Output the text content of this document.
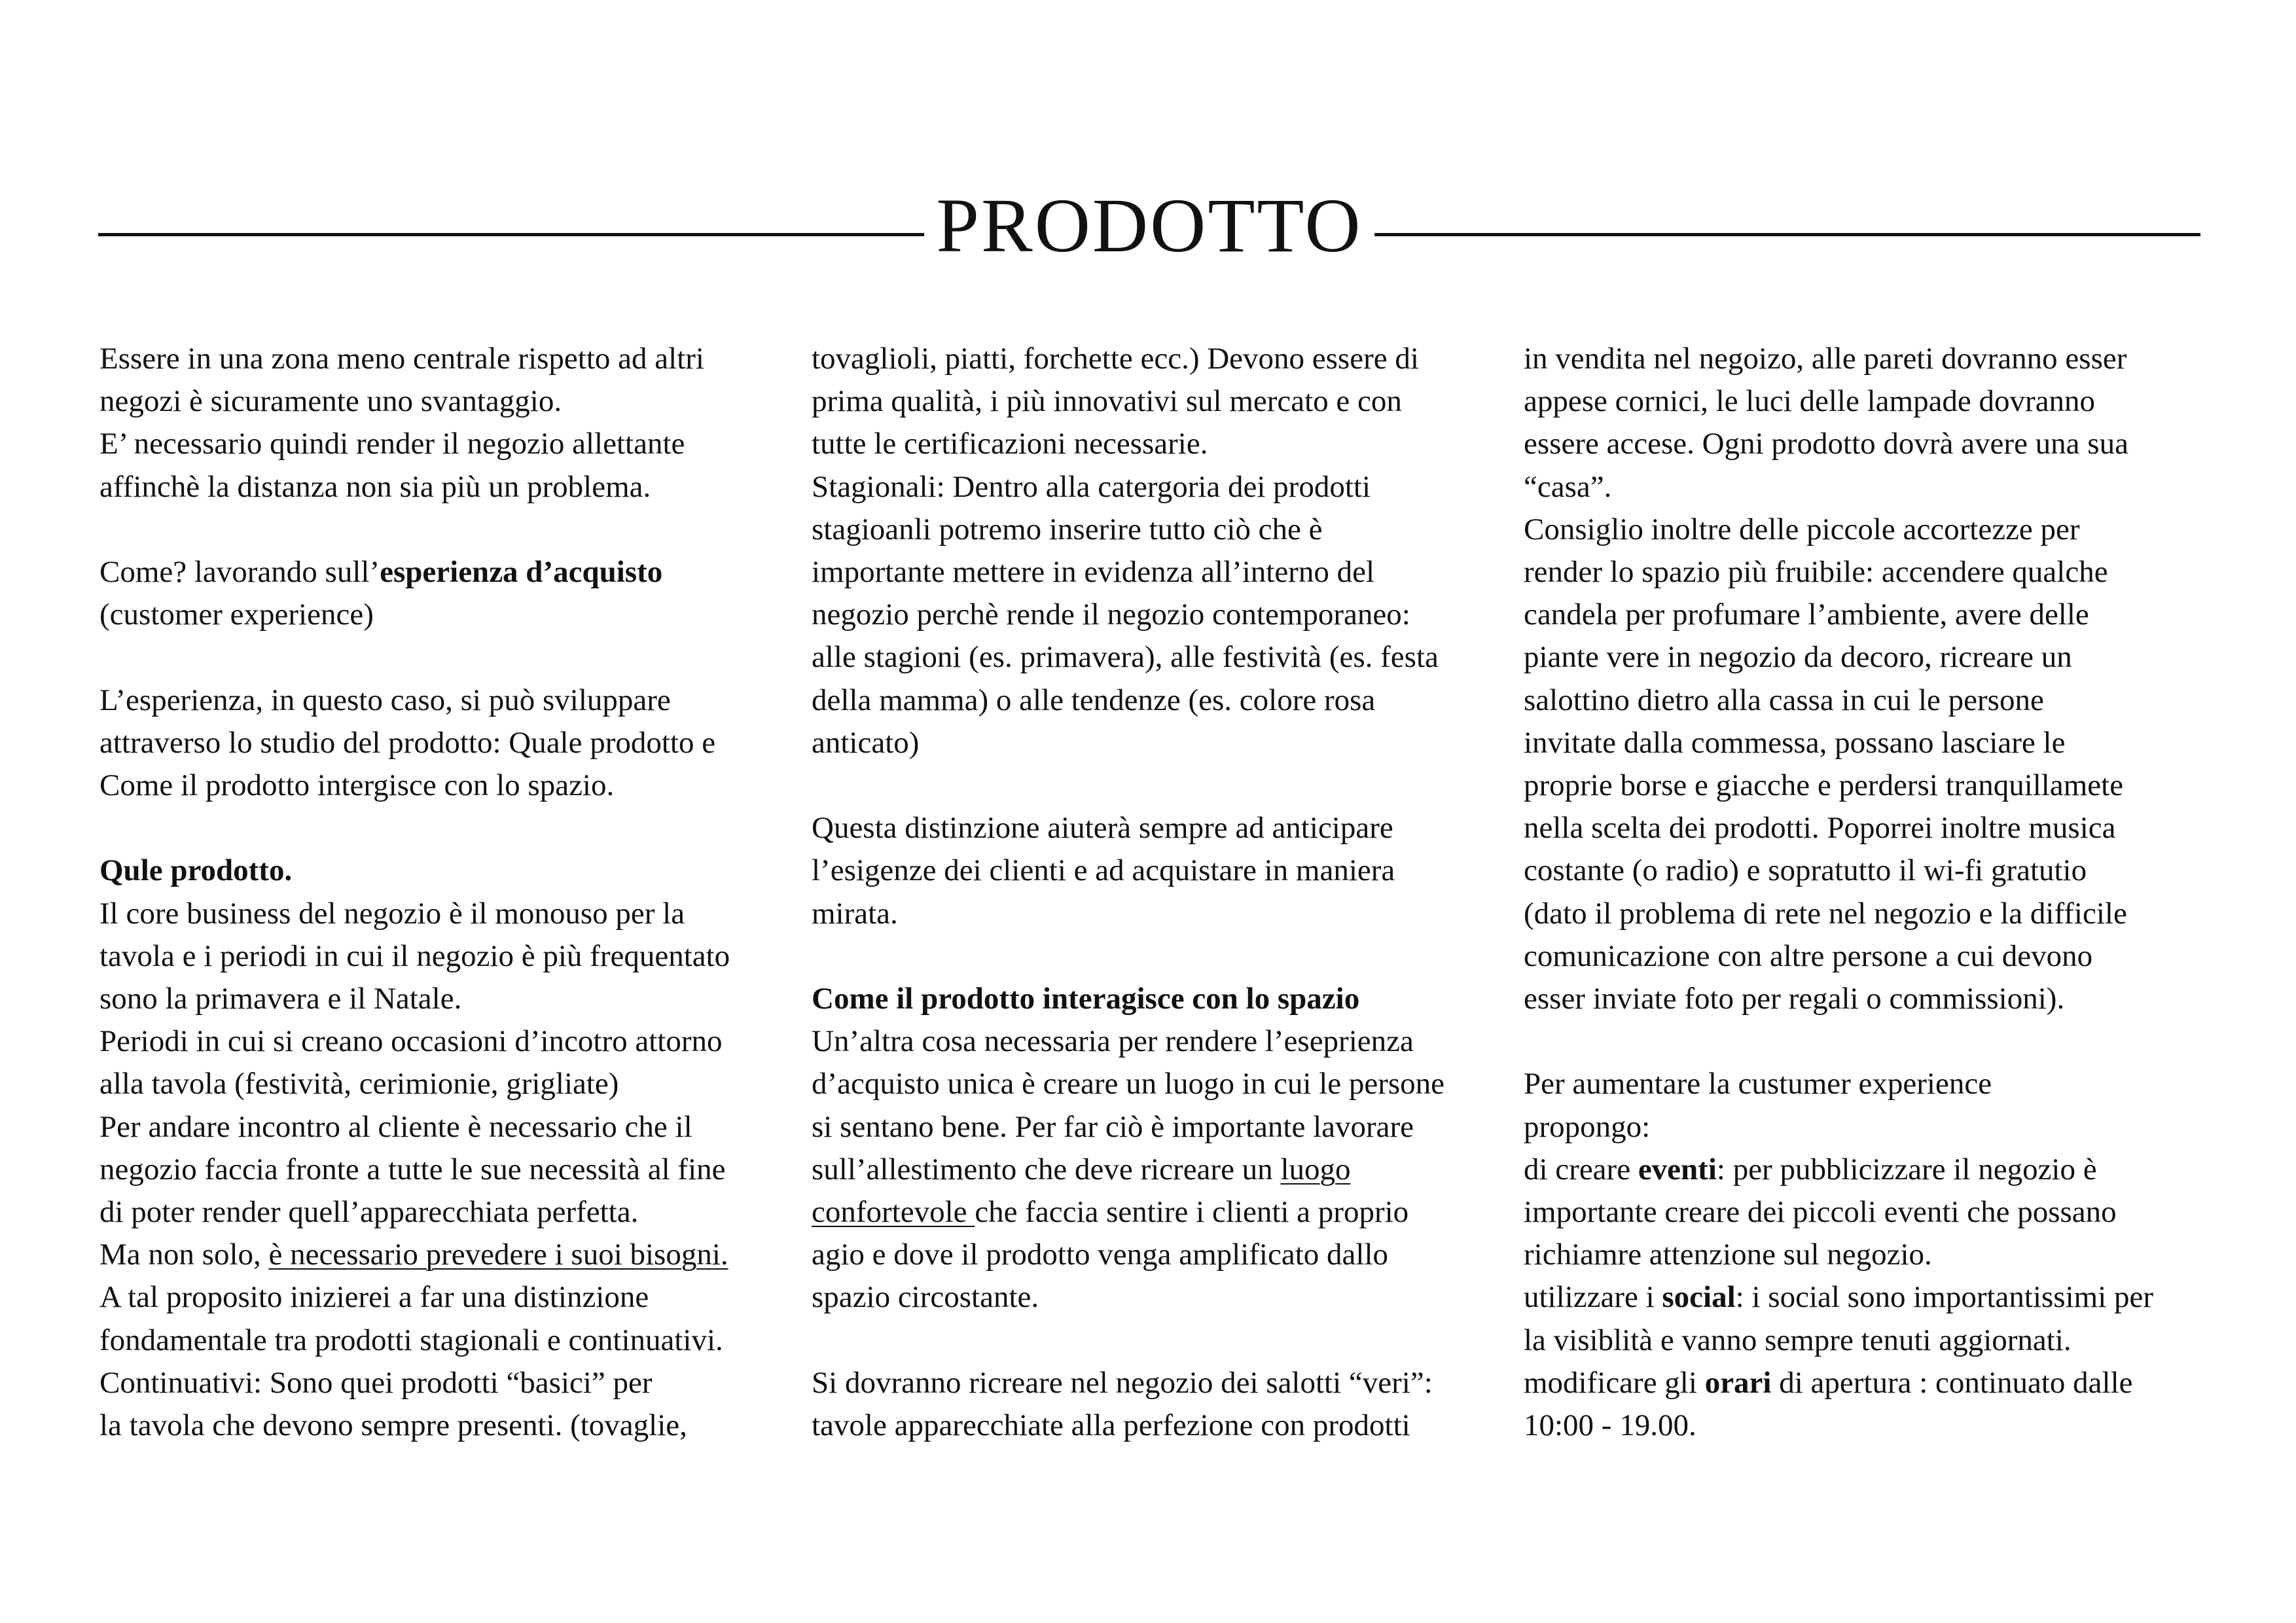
PRODOTTO
Essere in una zona meno centrale rispetto ad altri
negozi è sicuramente uno svantaggio.
E’ necessario quindi render il negozio allettante
affinchè la distanza non sia più un problema.
Come? lavorando sull’esperienza d’acquisto
(customer experience)
L’esperienza, in questo caso, si può sviluppare
attraverso lo studio del prodotto: Quale prodotto e
Come il prodotto intergisce con lo spazio.
Qule prodotto.
Il core business del negozio è il monouso per la
tavola e i periodi in cui il negozio è più frequentato
sono la primavera e il Natale.
Periodi in cui si creano occasioni d’incotro attorno
alla tavola (festività, cerimionie, grigliate)
Per andare incontro al cliente è necessario che il
negozio faccia fronte a tutte le sue necessità al fine
di poter render quell’apparecchiata perfetta.
Ma non solo, è necessario prevedere i suoi bisogni.
A tal proposito inizierei a far una distinzione
fondamentale tra prodotti stagionali e continuativi.
Continuativi: Sono quei prodotti “basici” per
la tavola che devono sempre presenti. (tovaglie,
tovaglioli, piatti, forchette ecc.) Devono essere di
prima qualità, i più innovativi sul mercato e con
tutte le certificazioni necessarie.
Stagionali: Dentro alla catergoria dei prodotti
stagioanli potremo inserire tutto ciò che è
importante mettere in evidenza all’interno del
negozio perchè rende il negozio contemporaneo:
alle stagioni (es. primavera), alle festività (es. festa
della mamma) o alle tendenze (es. colore rosa
anticato)
Questa distinzione aiuterà sempre ad anticipare
l’esigenze dei clienti e ad acquistare in maniera
mirata.
Come il prodotto interagisce con lo spazio
Un’altra cosa necessaria per rendere l’eseprienza
d’acquisto unica è creare un luogo in cui le persone
si sentano bene. Per far ciò è importante lavorare
sull’allestimento che deve ricreare un luogo
confortevole che faccia sentire i clienti a proprio
agio e dove il prodotto venga amplificato dallo
spazio circostante.
Si dovranno ricreare nel negozio dei salotti “veri”:
tavole apparecchiate alla perfezione con prodotti
in vendita nel negoizo, alle pareti dovranno esser
appese cornici, le luci delle lampade dovranno
essere accese. Ogni prodotto dovrà avere una sua
“casa”.
Consiglio inoltre delle piccole accortezze per
render lo spazio più fruibile: accendere qualche
candela per profumare l’ambiente, avere delle
piante vere in negozio da decoro, ricreare un
salottino dietro alla cassa in cui le persone
invitate dalla commessa, possano lasciare le
proprie borse e giacche e perdersi tranquillamete
nella scelta dei prodotti. Poporrei inoltre musica
costante (o radio) e sopratutto il wi-fi gratutio
(dato il problema di rete nel negozio e la difficile
comunicazione con altre persone a cui devono
esser inviate foto per regali o commissioni).
Per aumentare la custumer experience
propongo:
di creare eventi: per pubblicizzare il negozio è
importante creare dei piccoli eventi che possano
richiamre attenzione sul negozio.
utilizzare i social: i social sono importantissimi per
la visiblità e vanno sempre tenuti aggiornati.
modificare gli orari di apertura : continuato dalle
10:00 - 19.00.
